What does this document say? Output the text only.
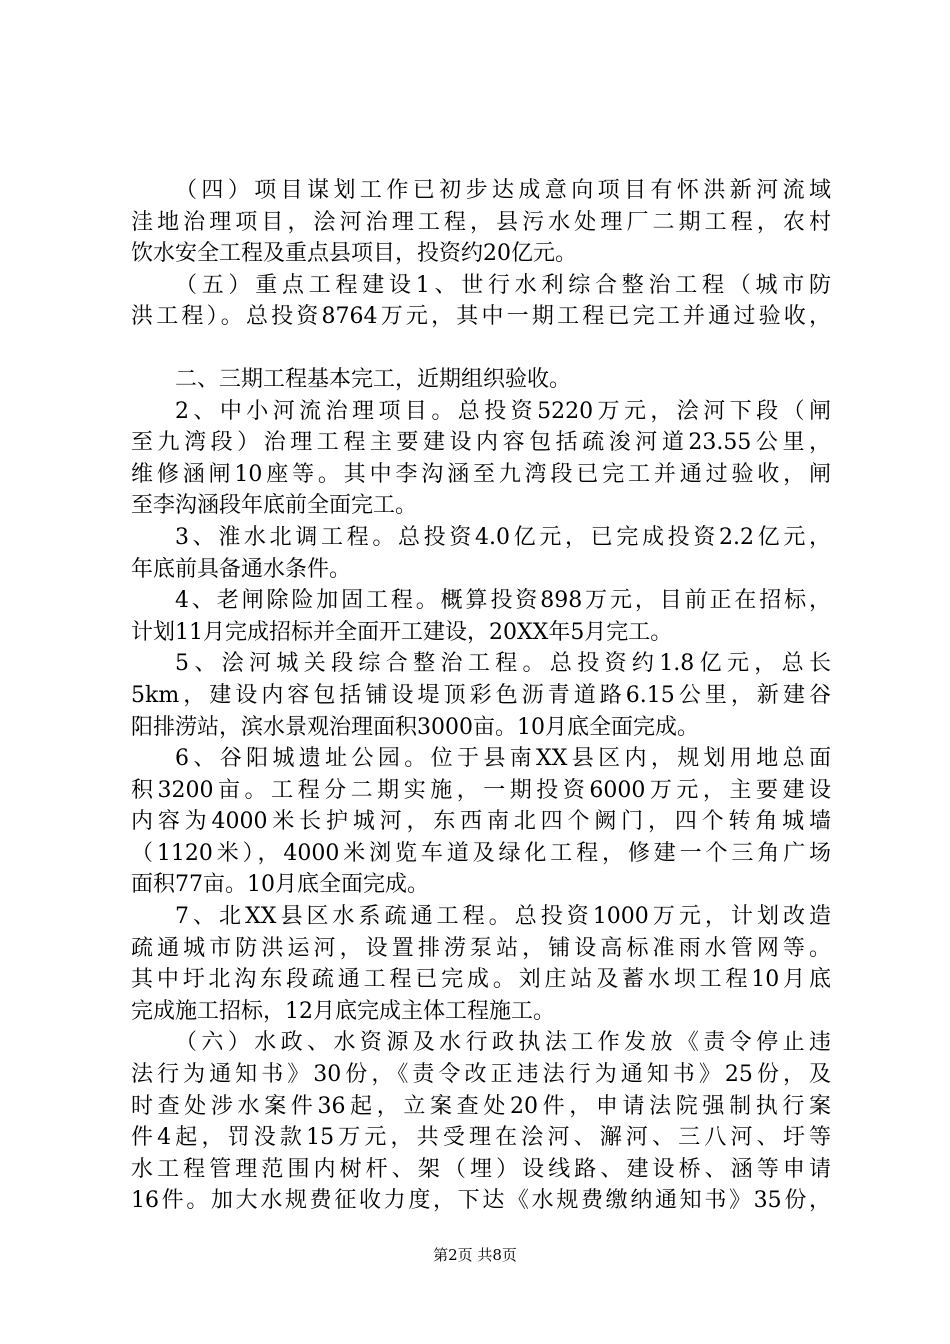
（四）项目谋划工作已初步达成意向项目有怀洪新河流域
洼地治理项目，浍河治理工程，县污水处理厂二期工程，农村
饮水安全工程及重点县项目，投资约20亿元。
（五）重点工程建设1、世行水利综合整治工程（城市防
洪工程）。总投资8764万元，其中一期工程已完工并通过验收，
二、三期工程基本完工，近期组织验收。
2、中小河流治理项目。总投资5220万元，浍河下段（闸
至九湾段）治理工程主要建设内容包括疏浚河道23.55公里，
维修涵闸10座等。其中李沟涵至九湾段已完工并通过验收，闸
至李沟涵段年底前全面完工。
3、淮水北调工程。总投资4.0亿元，已完成投资2.2亿元，
年底前具备通水条件。
4、老闸除险加固工程。概算投资898万元，目前正在招标，
计划11月完成招标并全面开工建设，20XX年5月完工。
5、浍河城关段综合整治工程。总投资约1.8亿元，总长
5km，建设内容包括铺设堤顶彩色沥青道路6.15公里，新建谷
阳排涝站，滨水景观治理面积3000亩。10月底全面完成。
6、谷阳城遗址公园。位于县南XX县区内，规划用地总面
积3200亩。工程分二期实施，一期投资6000万元，主要建设
内容为4000米长护城河，东西南北四个阙门，四个转角城墙
（1120米），4000米浏览车道及绿化工程，修建一个三角广场
面积77亩。10月底全面完成。
7、北XX县区水系疏通工程。总投资1000万元，计划改造
疏通城市防洪运河，设置排涝泵站，铺设高标准雨水管网等。
其中圩北沟东段疏通工程已完成。刘庄站及蓄水坝工程10月底
完成施工招标，12月底完成主体工程施工。
（六）水政、水资源及水行政执法工作发放《责令停止违
法行为通知书》30份，《责令改正违法行为通知书》25份，及
时查处涉水案件36起，立案查处20件，申请法院强制执行案
件4起，罚没款15万元，共受理在浍河、澥河、三八河、圩等
水工程管理范围内树杆、架（埋）设线路、建设桥、涵等申请
16件。加大水规费征收力度，下达《水规费缴纳通知书》35份，
第2页 共8页
